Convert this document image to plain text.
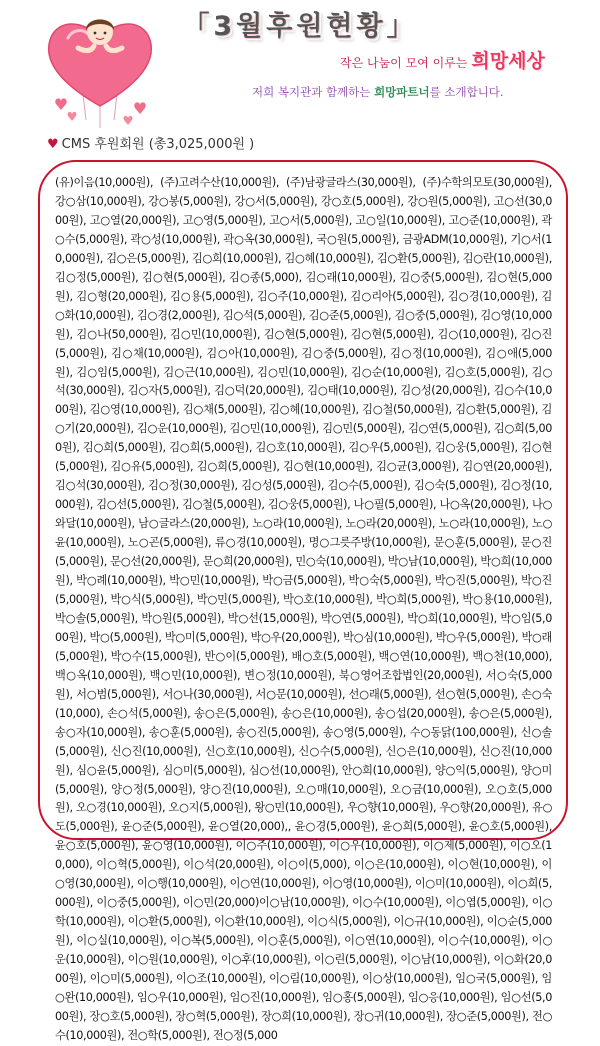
「3월후원현황」
작은 나눔이 모여 이루는 희망세상
저희 복지관과 함께하는 희망파트너를 소개합니다.
♥ CMS 후원회원 (총3,025,000원 )
(유)이음(10,000원), (주)고려수산(10,000원), (주)남광글라스(30,000원), (주)수학의모토(30,000원), 강○삼(10,000원), 강○봉(5,000원), 강○서(5,000원), 강○호(5,000원), 강○원(5,000원), 고○선(30,000원), 고○열(20,000원), 고○영(5,000원), 고○서(5,000원), 고○일(10,000원), 고○준(10,000원), 곽○수(5,000원), 곽○성(10,000원), 곽○옥(30,000원), 국○원(5,000원), 금광ADM(10,000원), 기○서(10,000원), 김○은(5,000원), 김○희(10,000원), 김○혜(10,000원), 김○환(5,000원), 김○란(10,000원), 김○정(5,000원), 김○현(5,000원), 김○종(5,000), 김○래(10,000원), 김○중(5,000원), 김○현(5,000원), 김○형(20,000원), 김○용(5,000원), 김○주(10,000원), 김○리아(5,000원), 김○경(10,000원), 김○화(10,000원), 김○경(2,000원), 김○석(5,000원), 김○준(5,000원), 김○중(5,000원), 김○영(10,000원), 김○나(50,000원), 김○민(10,000원), 김○현(5,000원), 김○현(5,000원), 김○(10,000원), 김○진(5,000원), 김○채(10,000원), 김○아(10,000원), 김○중(5,000원), 김○정(10,000원), 김○애(5,000원), 김○임(5,000원), 김○근(10,000원), 김○민(10,000원), 김○순(10,000원), 김○호(5,000원), 김○석(30,000원), 김○자(5,000원), 김○덕(20,000원), 김○태(10,000원), 김○성(20,000원), 김○수(10,000원), 김○영(10,000원), 김○채(5,000원), 김○혜(10,000원), 김○철(50,000원), 김○환(5,000원), 김○기(20,000원), 김○운(10,000원), 김○민(10,000원), 김○민(5,000원), 김○연(5,000원), 김○희(5,000원), 김○희(5,000원), 김○희(5,000원), 김○호(10,000원), 김○우(5,000원), 김○웅(5,000원), 김○현(5,000원), 김○유(5,000원), 김○희(5,000원), 김○현(10,000원), 김○균(3,000원), 김○연(20,000원), 김○석(30,000원), 김○정(30,000원), 김○성(5,000원), 김○수(5,000원), 김○숙(5,000원), 김○정(10,000원), 김○선(5,000원), 김○철(5,000원), 김○웅(5,000원), 나○필(5,000원), 나○옥(20,000원), 나○와달(10,000원), 남○글라스(20,000원), 노○라(10,000원), 노○라(20,000원), 노○라(10,000원), 노○윤(10,000원), 노○곤(5,000원), 류○경(10,000원), 명○그릇주방(10,000원), 문○훈(5,000원), 문○진(5,000원), 문○선(20,000원), 문○희(20,000원), 민○숙(10,000원), 박○남(10,000원), 박○희(10,000원), 박○례(10,000원), 박○민(10,000원), 박○금(5,000원), 박○숙(5,000원), 박○진(5,000원), 박○진(5,000원), 박○식(5,000원), 박○민(5,000원), 박○호(10,000원), 박○희(5,000원), 박○용(10,000원), 박○솔(5,000원), 박○원(5,000원), 박○선(15,000원), 박○연(5,000원), 박○희(10,000원), 박○임(5,000원), 박○(5,000원), 박○미(5,000원), 박○우(20,000원), 박○심(10,000원), 박○우(5,000원), 박○래(5,000원), 박○수(15,000원), 반○이(5,000원), 배○호(5,000원), 백○연(10,000원), 백○천(10,000), 백○옥(10,000원), 백○민(10,000원), 변○정(10,000원), 북○영어조합법인(20,000원), 서○숙(5,000원), 서○범(5,000원), 서○나(30,000원), 서○문(10,000원), 선○래(5,000원), 선○현(5,000원), 손○숙(10,000), 손○석(5,000원), 송○은(5,000원), 송○은(10,000원), 송○섭(20,000원), 송○은(5,000원), 송○자(10,000원), 송○훈(5,000원), 송○진(5,000원), 송○영(5,000원), 수○동닭(100,000원), 신○솔(5,000원), 신○진(10,000원), 신○호(10,000원), 신○수(5,000원), 신○은(10,000원), 신○진(10,000원), 심○윤(5,000원), 심○미(5,000원), 심○선(10,000원), 안○희(10,000원), 양○익(5,000원), 양○미(5,000원), 양○정(5,000원), 양○진(10,000원), 오○매(10,000원), 오○금(10,000원), 오○호(5,000원), 오○경(10,000원), 오○지(5,000원), 왕○민(10,000원), 우○향(10,000원), 우○향(20,000원), 유○도(5,000원), 윤○준(5,000원), 윤○열(20,000),, 윤○경(5,000원), 윤○희(5,000원), 윤○호(5,000원), 윤○호(5,000원), 윤○영(10,000원), 이○주(10,000원), 이○우(10,000원), 이○제(5,000원), 이○오(10,000), 이○혁(5,000원), 이○석(20,000원), 이○이(5,000), 이○은(10,000원), 이○현(10,000원), 이○영(30,000원), 이○행(10,000원), 이○연(10,000원), 이○영(10,000원), 이○미(10,000원), 이○희(5,000원), 이○중(5,000원), 이○민(20,000)이○남(10,000원), 이○수(10,000원), 이○엽(5,000원), 이○학(10,000원), 이○환(5,000원), 이○환(10,000원), 이○식(5,000원), 이○규(10,000원), 이○순(5,000원), 이○실(10,000원), 이○복(5,000원), 이○훈(5,000원), 이○연(10,000원), 이○수(10,000원), 이○운(10,000원), 이○원(10,000원), 이○후(10,000원), 이○린(5,000원), 이○남(10,000원), 이○화(20,000원), 이○미(5,000원), 이○조(10,000원), 이○림(10,000원), 이○상(10,000원), 임○국(5,000원), 임○완(10,000원), 임○우(10,000원), 임○진(10,000원), 임○홍(5,000원), 임○응(10,000원), 임○선(5,000원), 장○호(5,000원), 장○혁(5,000원), 장○희(10,000원), 장○귀(10,000원), 장○준(5,000원), 전○수(10,000원), 전○학(5,000원), 전○정(5,000
